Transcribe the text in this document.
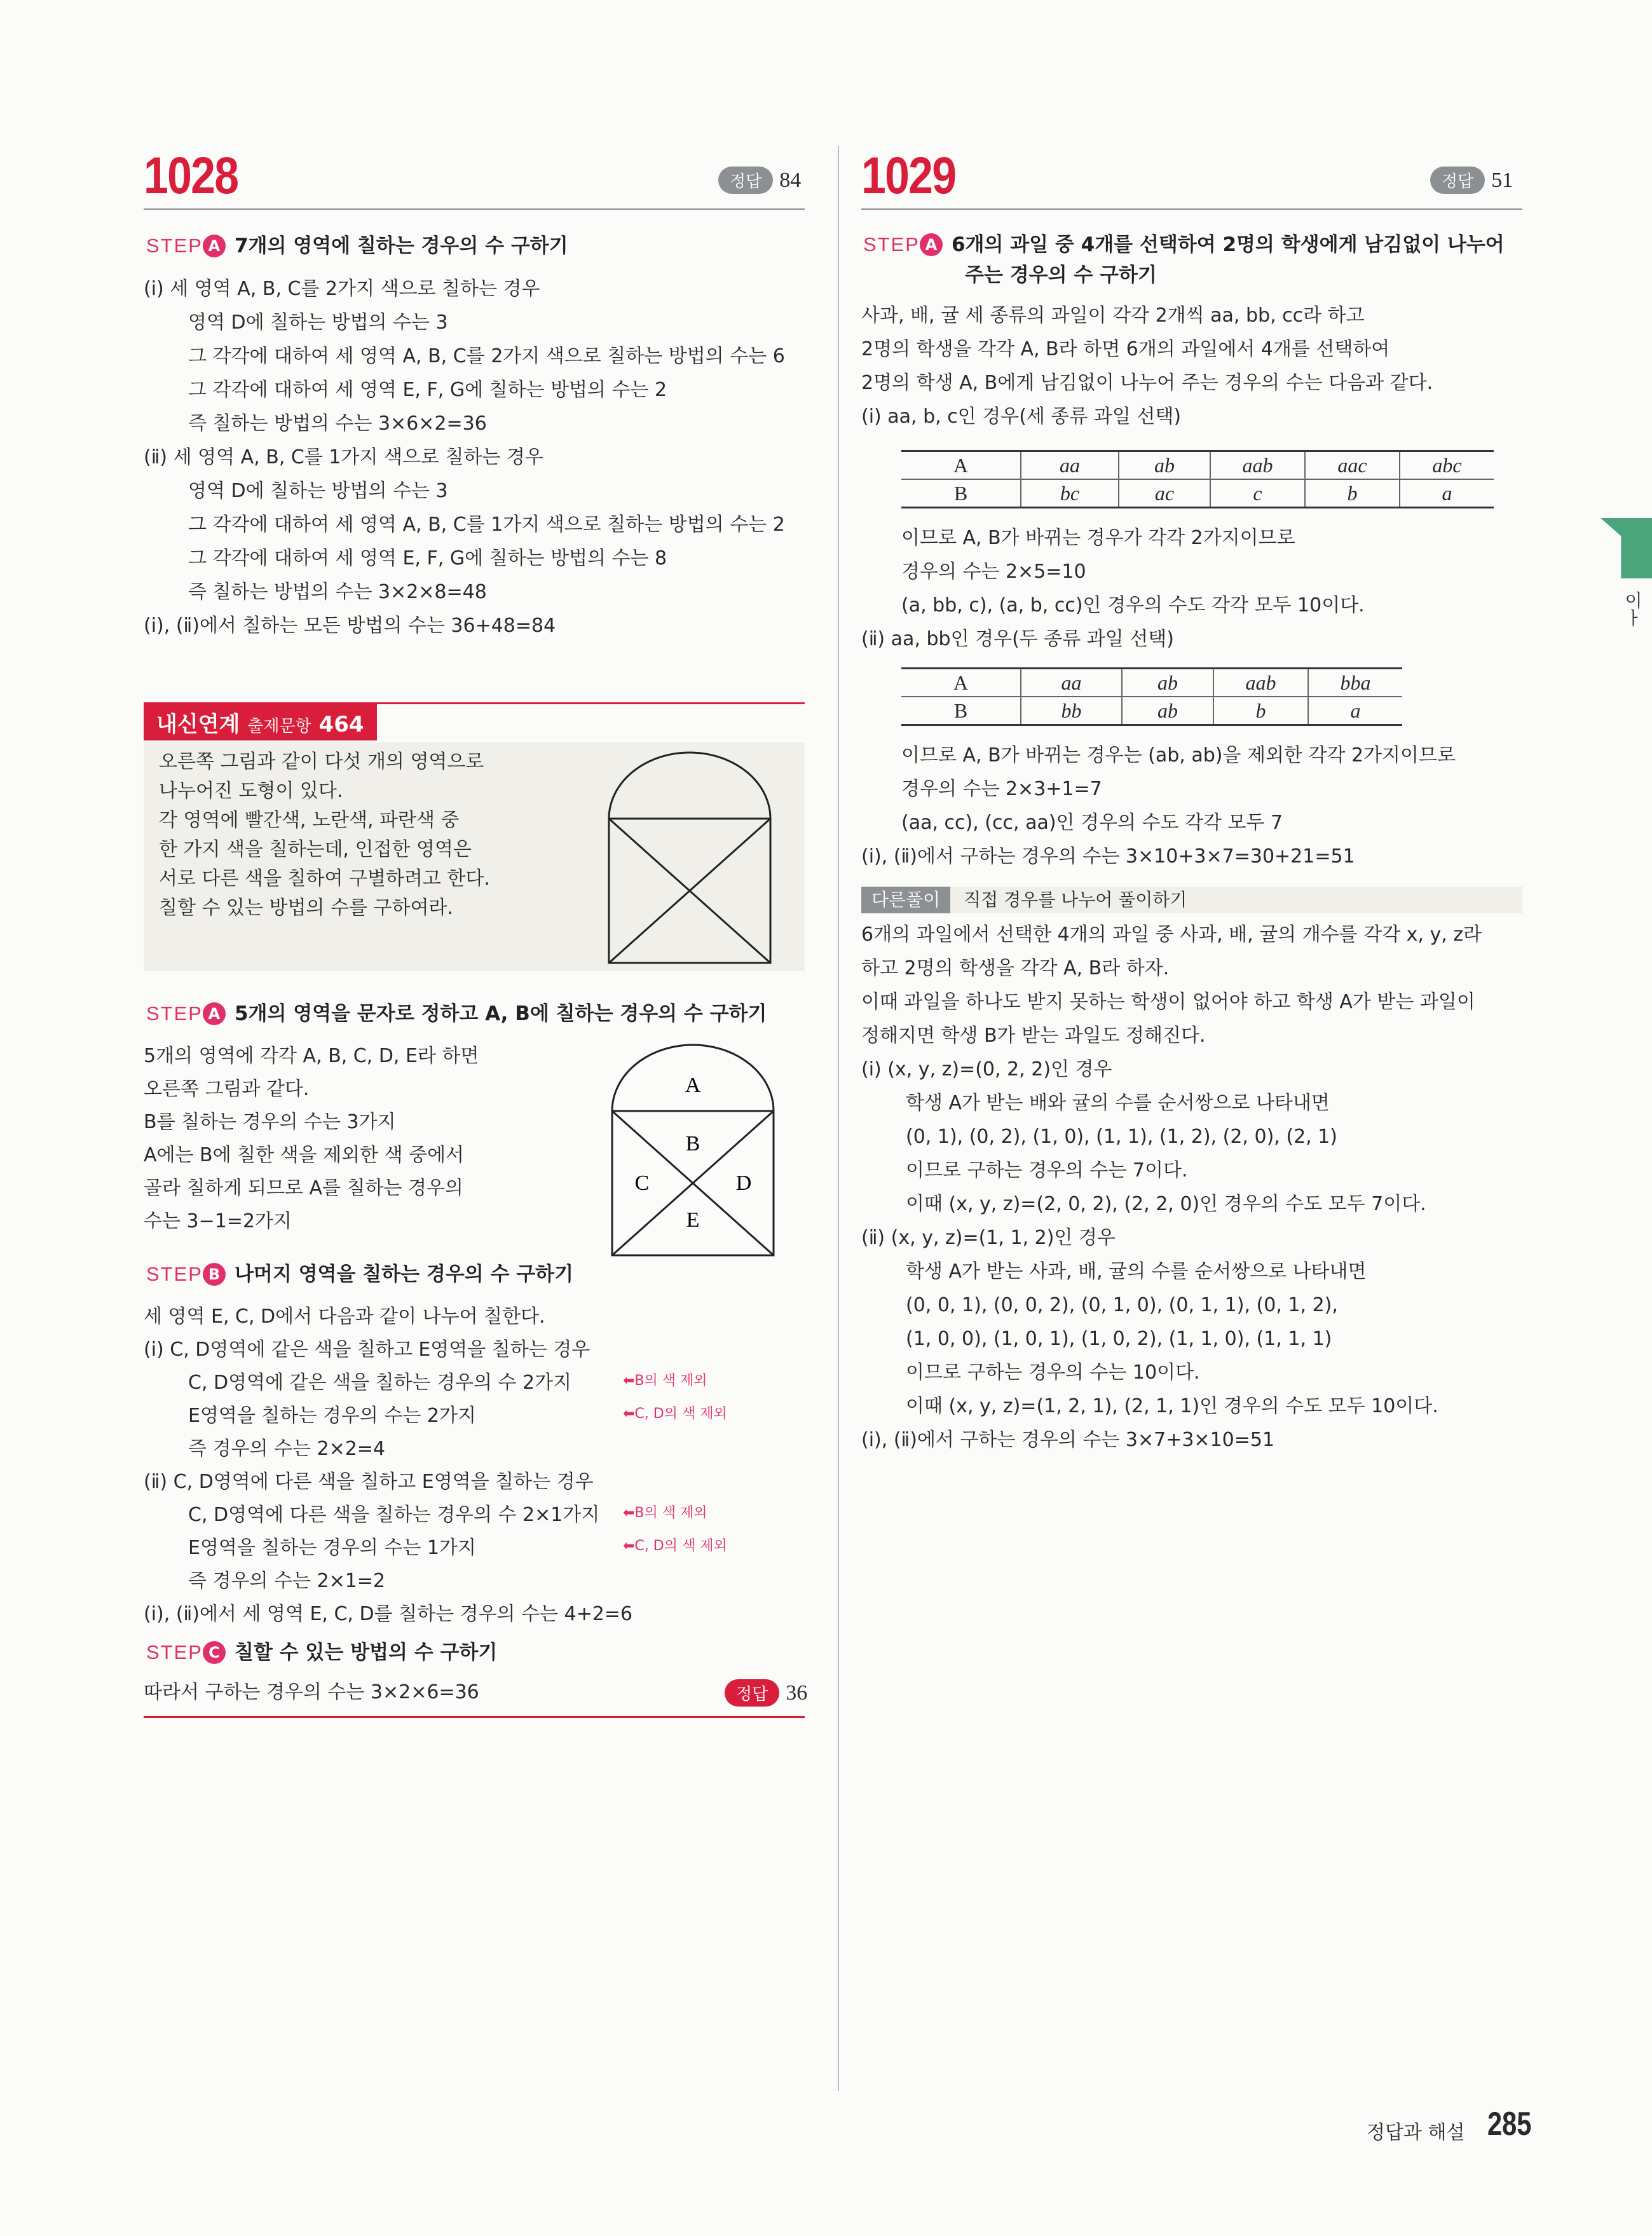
1028	정답 84
STEP A 7개의 영역에 칠하는 경우의 수 구하기
(ⅰ) 세 영역 A, B, C를 2가지 색으로 칠하는 경우
영역 D에 칠하는 방법의 수는 3
그 각각에 대하여 세 영역 A, B, C를 2가지 색으로 칠하는 방법의 수는 6
그 각각에 대하여 세 영역 E, F, G에 칠하는 방법의 수는 2
즉 칠하는 방법의 수는 3×6×2=36
(ⅱ) 세 영역 A, B, C를 1가지 색으로 칠하는 경우
영역 D에 칠하는 방법의 수는 3
그 각각에 대하여 세 영역 A, B, C를 1가지 색으로 칠하는 방법의 수는 2
그 각각에 대하여 세 영역 E, F, G에 칠하는 방법의 수는 8
즉 칠하는 방법의 수는 3×2×8=48
(ⅰ), (ⅱ)에서 칠하는 모든 방법의 수는 36+48=84
내신연계 출제문항 464
오른쪽 그림과 같이 다섯 개의 영역으로
나누어진 도형이 있다.
각 영역에 빨간색, 노란색, 파란색 중
한 가지 색을 칠하는데, 인접한 영역은
서로 다른 색을 칠하여 구별하려고 한다.
칠할 수 있는 방법의 수를 구하여라.
STEP A 5개의 영역을 문자로 정하고 A, B에 칠하는 경우의 수 구하기
5개의 영역에 각각 A, B, C, D, E라 하면
오른쪽 그림과 같다.
B를 칠하는 경우의 수는 3가지
A에는 B에 칠한 색을 제외한 색 중에서
골라 칠하게 되므로 A를 칠하는 경우의
수는 3−1=2가지
A
B
C	D
E
STEP B 나머지 영역을 칠하는 경우의 수 구하기
세 영역 E, C, D에서 다음과 같이 나누어 칠한다.
(ⅰ) C, D영역에 같은 색을 칠하고 E영역을 칠하는 경우
C, D영역에 같은 색을 칠하는 경우의 수 2가지
E영역을 칠하는 경우의 수는 2가지
즉 경우의 수는 2×2=4
(ⅱ) C, D영역에 다른 색을 칠하고 E영역을 칠하는 경우
C, D영역에 다른 색을 칠하는 경우의 수 2×1가지
E영역을 칠하는 경우의 수는 1가지
즉 경우의 수는 2×1=2
(ⅰ), (ⅱ)에서 세 영역 E, C, D를 칠하는 경우의 수는 4+2=6
⬅B의 색 제외
⬅C, D의 색 제외
⬅B의 색 제외
⬅C, D의 색 제외
STEP C 칠할 수 있는 방법의 수 구하기
따라서 구하는 경우의 수는 3×2×6=36	정답 36
1029	정답 51
STEP A 6개의 과일 중 4개를 선택하여 2명의 학생에게 남김없이 나누어
주는 경우의 수 구하기
사과, 배, 귤 세 종류의 과일이 각각 2개씩 aa, bb, cc라 하고
2명의 학생을 각각 A, B라 하면 6개의 과일에서 4개를 선택하여
2명의 학생 A, B에게 남김없이 나누어 주는 경우의 수는 다음과 같다.
(ⅰ) aa, b, c인 경우(세 종류 과일 선택)
A	aa	ab	aab	aac	abc
B	bc	ac	c	b	a
이므로 A, B가 바뀌는 경우가 각각 2가지이므로
경우의 수는 2×5=10
(a, bb, c), (a, b, cc)인 경우의 수도 각각 모두 10이다.
(ⅱ) aa, bb인 경우(두 종류 과일 선택)
A	aa	ab	aab	bba
B	bb	ab	b	a
이므로 A, B가 바뀌는 경우는 (ab, ab)을 제외한 각각 2가지이므로
경우의 수는 2×3+1=7
(aa, cc), (cc, aa)인 경우의 수도 각각 모두 7
(ⅰ), (ⅱ)에서 구하는 경우의 수는 3×10+3×7=30+21=51
다른풀이 직접 경우를 나누어 풀이하기
6개의 과일에서 선택한 4개의 과일 중 사과, 배, 귤의 개수를 각각 x, y, z라
하고 2명의 학생을 각각 A, B라 하자.
이때 과일을 하나도 받지 못하는 학생이 없어야 하고 학생 A가 받는 과일이
정해지면 학생 B가 받는 과일도 정해진다.
(ⅰ) (x, y, z)=(0, 2, 2)인 경우
학생 A가 받는 배와 귤의 수를 순서쌍으로 나타내면
(0, 1), (0, 2), (1, 0), (1, 1), (1, 2), (2, 0), (2, 1)
이므로 구하는 경우의 수는 7이다.
이때 (x, y, z)=(2, 0, 2), (2, 2, 0)인 경우의 수도 모두 7이다.
(ⅱ) (x, y, z)=(1, 1, 2)인 경우
학생 A가 받는 사과, 배, 귤의 수를 순서쌍으로 나타내면
(0, 0, 1), (0, 0, 2), (0, 1, 0), (0, 1, 1), (0, 1, 2),
(1, 0, 0), (1, 0, 1), (1, 0, 2), (1, 1, 0), (1, 1, 1)
이므로 구하는 경우의 수는 10이다.
이때 (x, y, z)=(1, 2, 1), (2, 1, 1)인 경우의 수도 모두 10이다.
(ⅰ), (ⅱ)에서 구하는 경우의 수는 3×7+3×10=51
이ㅏ
정답과 해설 285
